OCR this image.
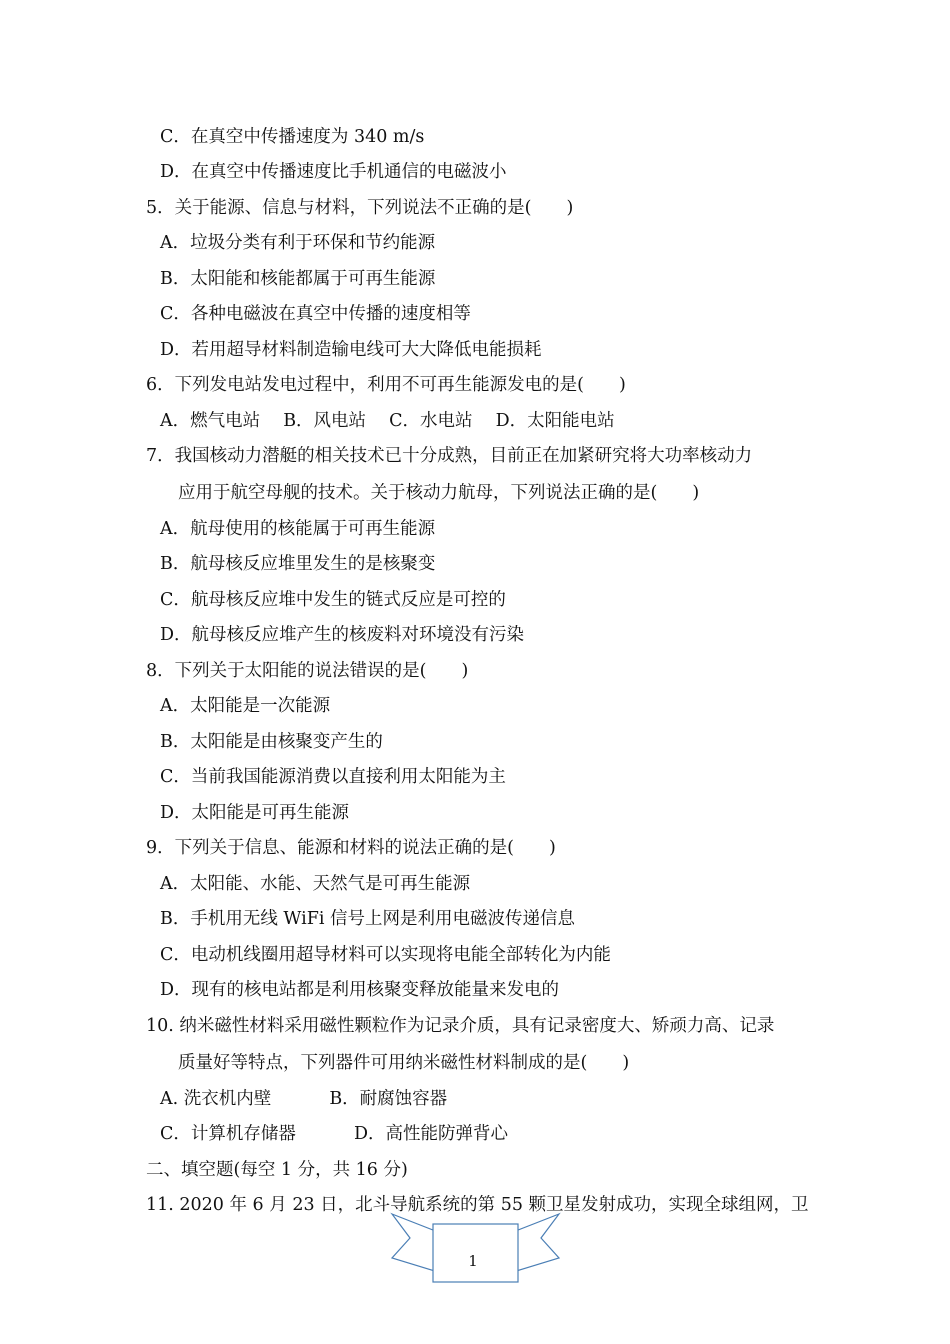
C．在真空中传播速度为 340 m/s
D．在真空中传播速度比手机通信的电磁波小
5．关于能源、信息与材料，下列说法不正确的是(　　)
A．垃圾分类有利于环保和节约能源
B．太阳能和核能都属于可再生能源
C．各种电磁波在真空中传播的速度相等
D．若用超导材料制造输电线可大大降低电能损耗
6．下列发电站发电过程中，利用不可再生能源发电的是(　　)
A．燃气电站　 B．风电站　 C．水电站　 D．太阳能电站
7．我国核动力潜艇的相关技术已十分成熟，目前正在加紧研究将大功率核动力
应用于航空母舰的技术。关于核动力航母，下列说法正确的是(　　)
A．航母使用的核能属于可再生能源
B．航母核反应堆里发生的是核聚变
C．航母核反应堆中发生的链式反应是可控的
D．航母核反应堆产生的核废料对环境没有污染
8．下列关于太阳能的说法错误的是(　　)
A．太阳能是一次能源
B．太阳能是由核聚变产生的
C．当前我国能源消费以直接利用太阳能为主
D．太阳能是可再生能源
9．下列关于信息、能源和材料的说法正确的是(　　)
A．太阳能、水能、天然气是可再生能源
B．手机用无线 WiFi 信号上网是利用电磁波传递信息
C．电动机线圈用超导材料可以实现将电能全部转化为内能
D．现有的核电站都是利用核聚变释放能量来发电的
10. 纳米磁性材料采用磁性颗粒作为记录介质，具有记录密度大、矫顽力高、记录
质量好等特点，下列器件可用纳米磁性材料制成的是(　　)
A. 洗衣机内壁　　　 B．耐腐蚀容器
C．计算机存储器　　　 D．高性能防弹背心
二、填空题(每空 1 分，共 16 分)
11. 2020 年 6 月 23 日，北斗导航系统的第 55 颗卫星发射成功，实现全球组网，卫
1
